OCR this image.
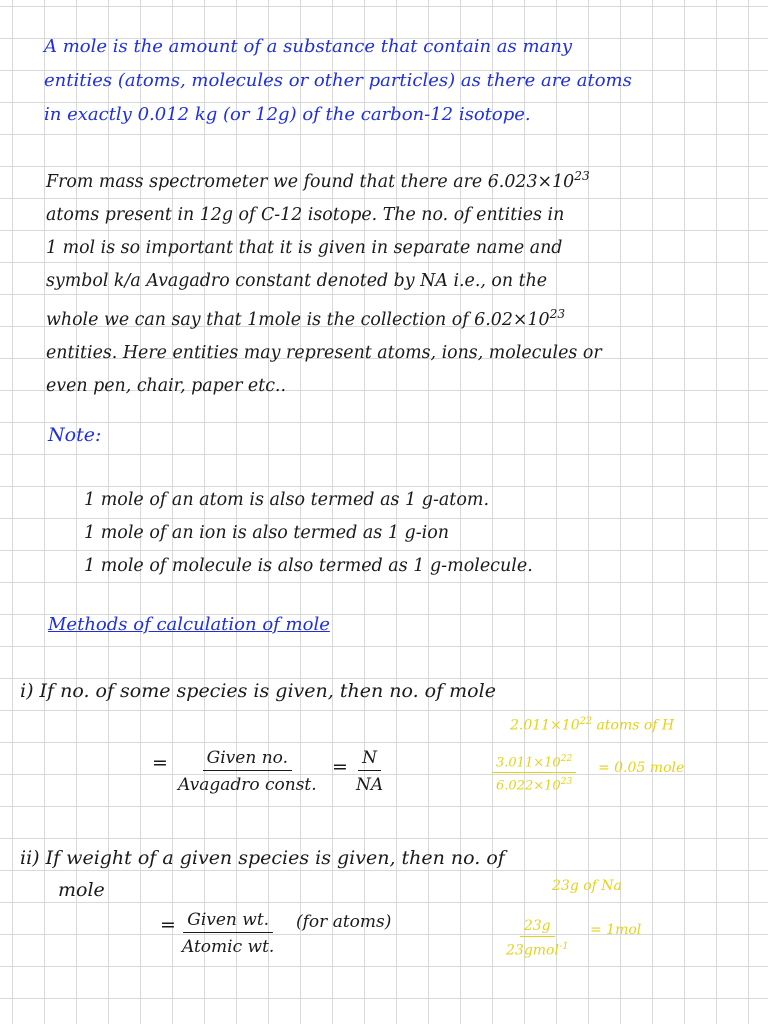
A mole is the amount of a substance that contain as many
entities (atoms, molecules or other particles) as there are atoms
in exactly 0.012 kg (or 12g) of the carbon-12 isotope.
From mass spectrometer we found that there are $6.023\times 10^{23}$
atoms present in 12g of C-12 isotope. The no. of entities in
1 mol is so important that it is given in separate name and
symbol k/a Avagadro constant denoted by NA i.e., on the
whole we can say that 1mole is the collection of $6.02\times 10^{23}$
entities. Here entities may represent atoms, ions, molecules or
even pen, chair, paper etc..
Note:
1 mole of an atom is also termed as 1 g-atom.
1 mole of an ion is also termed as 1 g-ion
1 mole of molecule is also termed as 1 g-molecule.
Methods of calculation of mole
i) If no. of some species is given, then no. of mole
= Given no.
Avagadro const.
= $\frac{N}{NA}$
$2.011\times 10^{22}$ atoms of H
$\frac{3.011\times 10^{22}}{6.022\times 10^{23}} = 0.05$ mole
ii) If weight of a given species is given, then no. of
mole
= Given wt.
Atomic wt.
(for atoms)
23g of Na
23g
23gmol$^{-1}$
= 1mol
